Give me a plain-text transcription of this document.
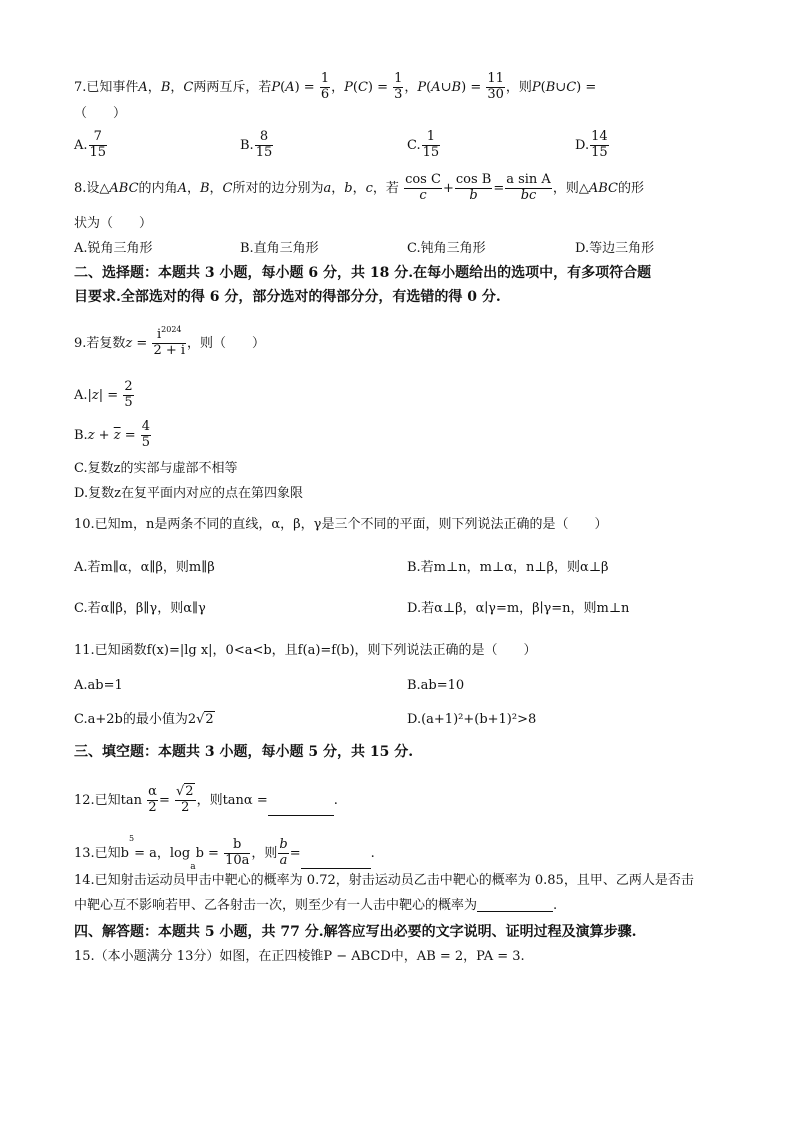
7.已知事件A，B，C两两互斥，若$P(A) = \frac{1}{6}$ ，$P(C) = \frac{1}{3}$ ，P(A∪B) = $\frac{11}{30}$ ，则P(B∪C) =
（　　）
A. $\frac{7}{15}$	B. $\frac{8}{15}$	C. $\frac{1}{15}$	D. $\frac{14}{15}$
8.设△ABC的内角A，B，C所对的边分别为a，b，c，若 $\frac{\text{cos C}}{c} + \frac{\text{cos B}}{b} = \frac{\text{a sin A}}{bc}$ ，则△ABC的形
状为（　　）
A.锐角三角形	B.直角三角形	C.钝角三角形	D.等边三角形
二、选择题：本题共 3 小题，每小题 6 分，共 18 分.在每小题给出的选项中，有多项符合题
目要求.全部选对的得 6 分，部分选对的得部分分，有选错的得 0 分.
9.若复数$z = \frac{i^{2024}}{2 + i}$ ，则（　　）
$A.|z| = \frac{2}{5}$
$B.z + \overline{z} = \frac{4}{5}$
C.复数z的实部与虚部不相等
D.复数z在复平面内对应的点在第四象限
10.已知m，n是两条不同的直线，α，β，γ是三个不同的平面，则下列说法正确的是（　　）
A.若m∥α，α∥β，则m∥β	B.若m⊥n，m⊥α，n⊥β，则α⊥β
C.若α∥β，β∥γ，则α∥γ	D.若α⊥β，α∣γ=m，β∣γ=n，则m⊥n
11.已知函数f(x)=|lg x|，0<a<b，且f(a)=f(b)，则下列说法正确的是（　　）
A.ab=1	B.ab=10
C.a+2b的最小值为2√2	D.(a+1)²+(b+1)²>8
三、填空题：本题共 3 小题，每小题 5 分，共 15 分.
12.已知$\tan \frac{\alpha}{2} = \frac{√2}{2}$ ，则tanα =	.
13.已知$b^5= a$，$\log_ab = \frac{b}{10a}$ ，则 $\frac{b}{a}$ =	.
14.已知射击运动员甲击中靶心的概率为 0.72，射击运动员乙击中靶心的概率为 0.85，且甲、乙两人是否击
中靶心互不影响若甲、乙各射击一次，则至少有一人击中靶心的概率为	.
四、解答题：本题共 5 小题，共 77 分.解答应写出必要的文字说明、证明过程及演算步骤.
15.（本小题满分 13分）如图，在正四棱锥P − ABCD中，AB = 2，PA = 3.
